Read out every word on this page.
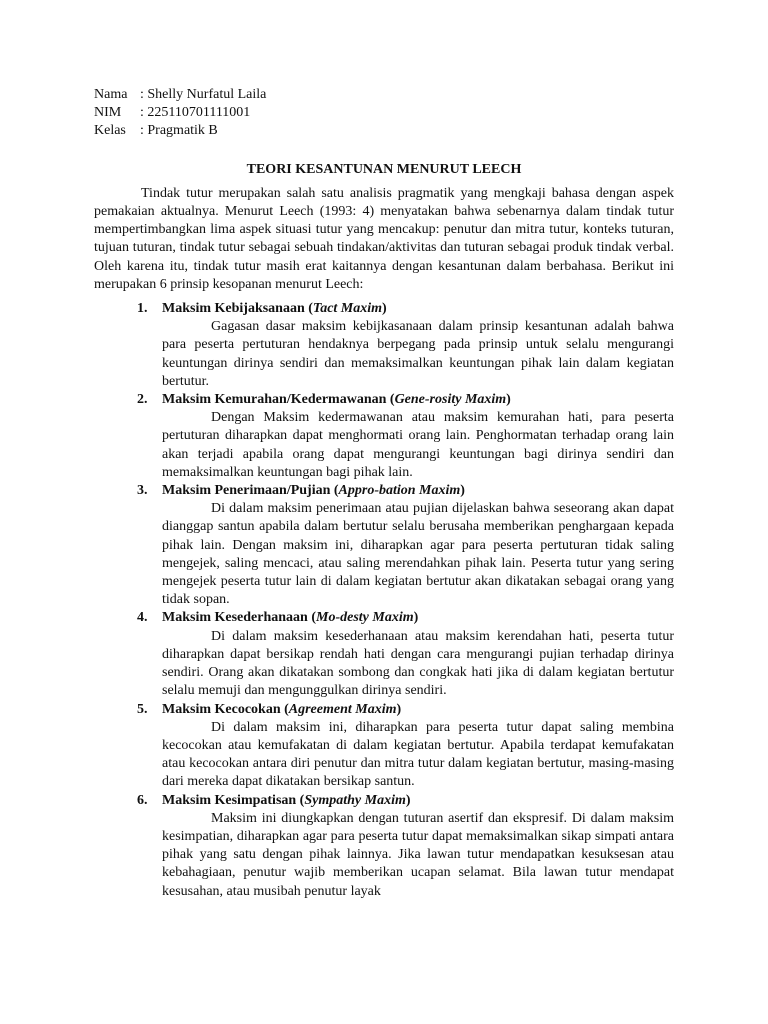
Nama	: Shelly Nurfatul Laila
NIM	: 225110701111001
Kelas	: Pragmatik B
TEORI KESANTUNAN MENURUT LEECH

Tindak tutur merupakan salah satu analisis pragmatik yang mengkaji bahasa dengan aspek pemakaian aktualnya. Menurut Leech (1993: 4) menyatakan bahwa sebenarnya dalam tindak tutur mempertimbangkan lima aspek situasi tutur yang mencakup: penutur dan mitra tutur, konteks tuturan, tujuan tuturan, tindak tutur sebagai sebuah tindakan/aktivitas dan tuturan sebagai produk tindak verbal. Oleh karena itu, tindak tutur masih erat kaitannya dengan kesantunan dalam berbahasa. Berikut ini merupakan 6 prinsip kesopanan menurut Leech:

1. Maksim Kebijaksanaan (Tact Maxim)

Gagasan dasar maksim kebijkasanaan dalam prinsip kesantunan adalah bahwa para peserta pertuturan hendaknya berpegang pada prinsip untuk selalu mengurangi keuntungan dirinya sendiri dan memaksimalkan keuntungan pihak lain dalam kegiatan bertutur.

2. Maksim Kemurahan/Kedermawanan (Gene-rosity Maxim)

Dengan Maksim kedermawanan atau maksim kemurahan hati, para peserta pertuturan diharapkan dapat menghormati orang lain. Penghormatan terhadap orang lain akan terjadi apabila orang dapat mengurangi keuntungan bagi dirinya sendiri dan memaksimalkan keuntungan bagi pihak lain.

3. Maksim Penerimaan/Pujian (Appro-bation Maxim)

Di dalam maksim penerimaan atau pujian dijelaskan bahwa seseorang akan dapat dianggap santun apabila dalam bertutur selalu berusaha memberikan penghargaan kepada pihak lain. Dengan maksim ini, diharapkan agar para peserta pertuturan tidak saling mengejek, saling mencaci, atau saling merendahkan pihak lain. Peserta tutur yang sering mengejek peserta tutur lain di dalam kegiatan bertutur akan dikatakan sebagai orang yang tidak sopan.

4. Maksim Kesederhanaan (Mo-desty Maxim)

Di dalam maksim kesederhanaan atau maksim kerendahan hati, peserta tutur diharapkan dapat bersikap rendah hati dengan cara mengurangi pujian terhadap dirinya sendiri. Orang akan dikatakan sombong dan congkak hati jika di dalam kegiatan bertutur selalu memuji dan mengunggulkan dirinya sendiri.

5. Maksim Kecocokan (Agreement Maxim)

Di dalam maksim ini, diharapkan para peserta tutur dapat saling membina kecocokan atau kemufakatan di dalam kegiatan bertutur. Apabila terdapat kemufakatan atau kecocokan antara diri penutur dan mitra tutur dalam kegiatan bertutur, masing-masing dari mereka dapat dikatakan bersikap santun.

6. Maksim Kesimpatisan (Sympathy Maxim)

Maksim ini diungkapkan dengan tuturan asertif dan ekspresif. Di dalam maksim kesimpatian, diharapkan agar para peserta tutur dapat memaksimalkan sikap simpati antara pihak yang satu dengan pihak lainnya. Jika lawan tutur mendapatkan kesuksesan atau kebahagiaan, penutur wajib memberikan ucapan selamat. Bila lawan tutur mendapat kesusahan, atau musibah penutur layak
